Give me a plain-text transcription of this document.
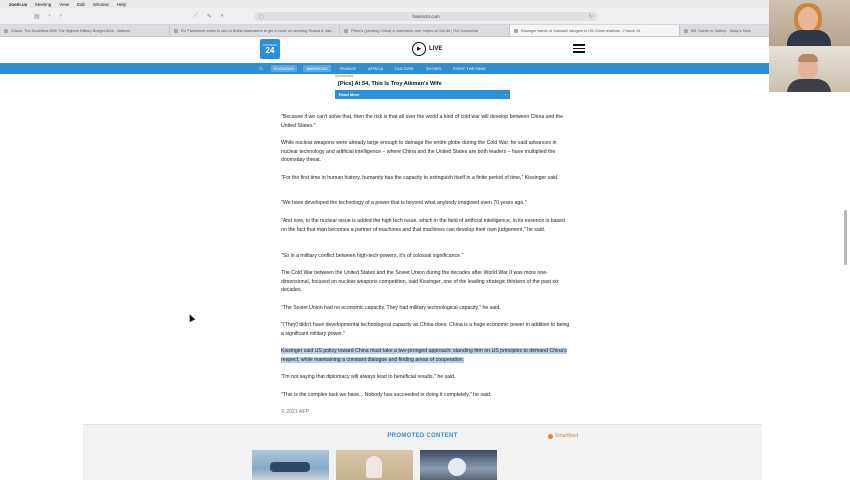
zoom.us Meeting View Edit Window Help
▤ ‹ ›	⟋ ✎ ◐	▢	france24.com	↻
Chaos: The Doubtless With The Highest Military Budget Alive - Nations	EU Parliament votes to call on British lawmakers to get a move on securing Russia & Iran...	Pfizer's (pending China) a misfortune over hopes on the All | The Economist	Kissinger warns of 'colossal' dangers in US-China relations - France 24	BB: Sainte to Gallery - Wasp's Nest
FRANCE
24	▶	LIVE
⌂	ECONOMY	AMERICAS	FRANCE	AFRICA	CULTURE	SHOWS	FIGHT THE FAKE
Sponsored
[Pics] At 54, This Is Troy Aikman's Wife
Read More	›

"Because if we can't solve that, then the risk is that all over the world a kind of cold war will develop between China and the United States."

While nuclear weapons were already large enough to damage the entire globe during the Cold War, he said advances in nuclear technology and artificial intelligence – where China and the United States are both leaders – have multiplied the doomsday threat.

"For the first time in human history, humanity has the capacity to extinguish itself in a finite period of time," Kissinger said.

"We have developed the technology of a power that is beyond what anybody imagined even 70 years ago."

"And now, to the nuclear issue is added the high tech issue, which in the field of artificial intelligence, in its essence is based on the fact that man becomes a partner of machines and that machines can develop their own judgement," he said.

"So in a military conflict between high-tech powers, it's of colossal significance."

The Cold War between the United States and the Soviet Union during the decades after World War II was more one-dimensional, focused on nuclear weapons competition, said Kissinger, one of the leading strategic thinkers of the past six decades.

"The Soviet Union had no economic capacity. They had military technological capacity," he said.

"(They) didn't have developmental technological capacity as China does. China is a huge economic power in addition to being a significant military power."

Kissinger said US policy toward China must take a two-pronged approach: standing firm on US principles to demand China's respect, while maintaining a constant dialogue and finding areas of cooperation.

"I'm not saying that diplomacy will always lead to beneficial results," he said.

"This is the complex task we have... Nobody has succeeded in doing it completely," he said.

© 2021 AFP
PROMOTED CONTENT	Smartfeed
